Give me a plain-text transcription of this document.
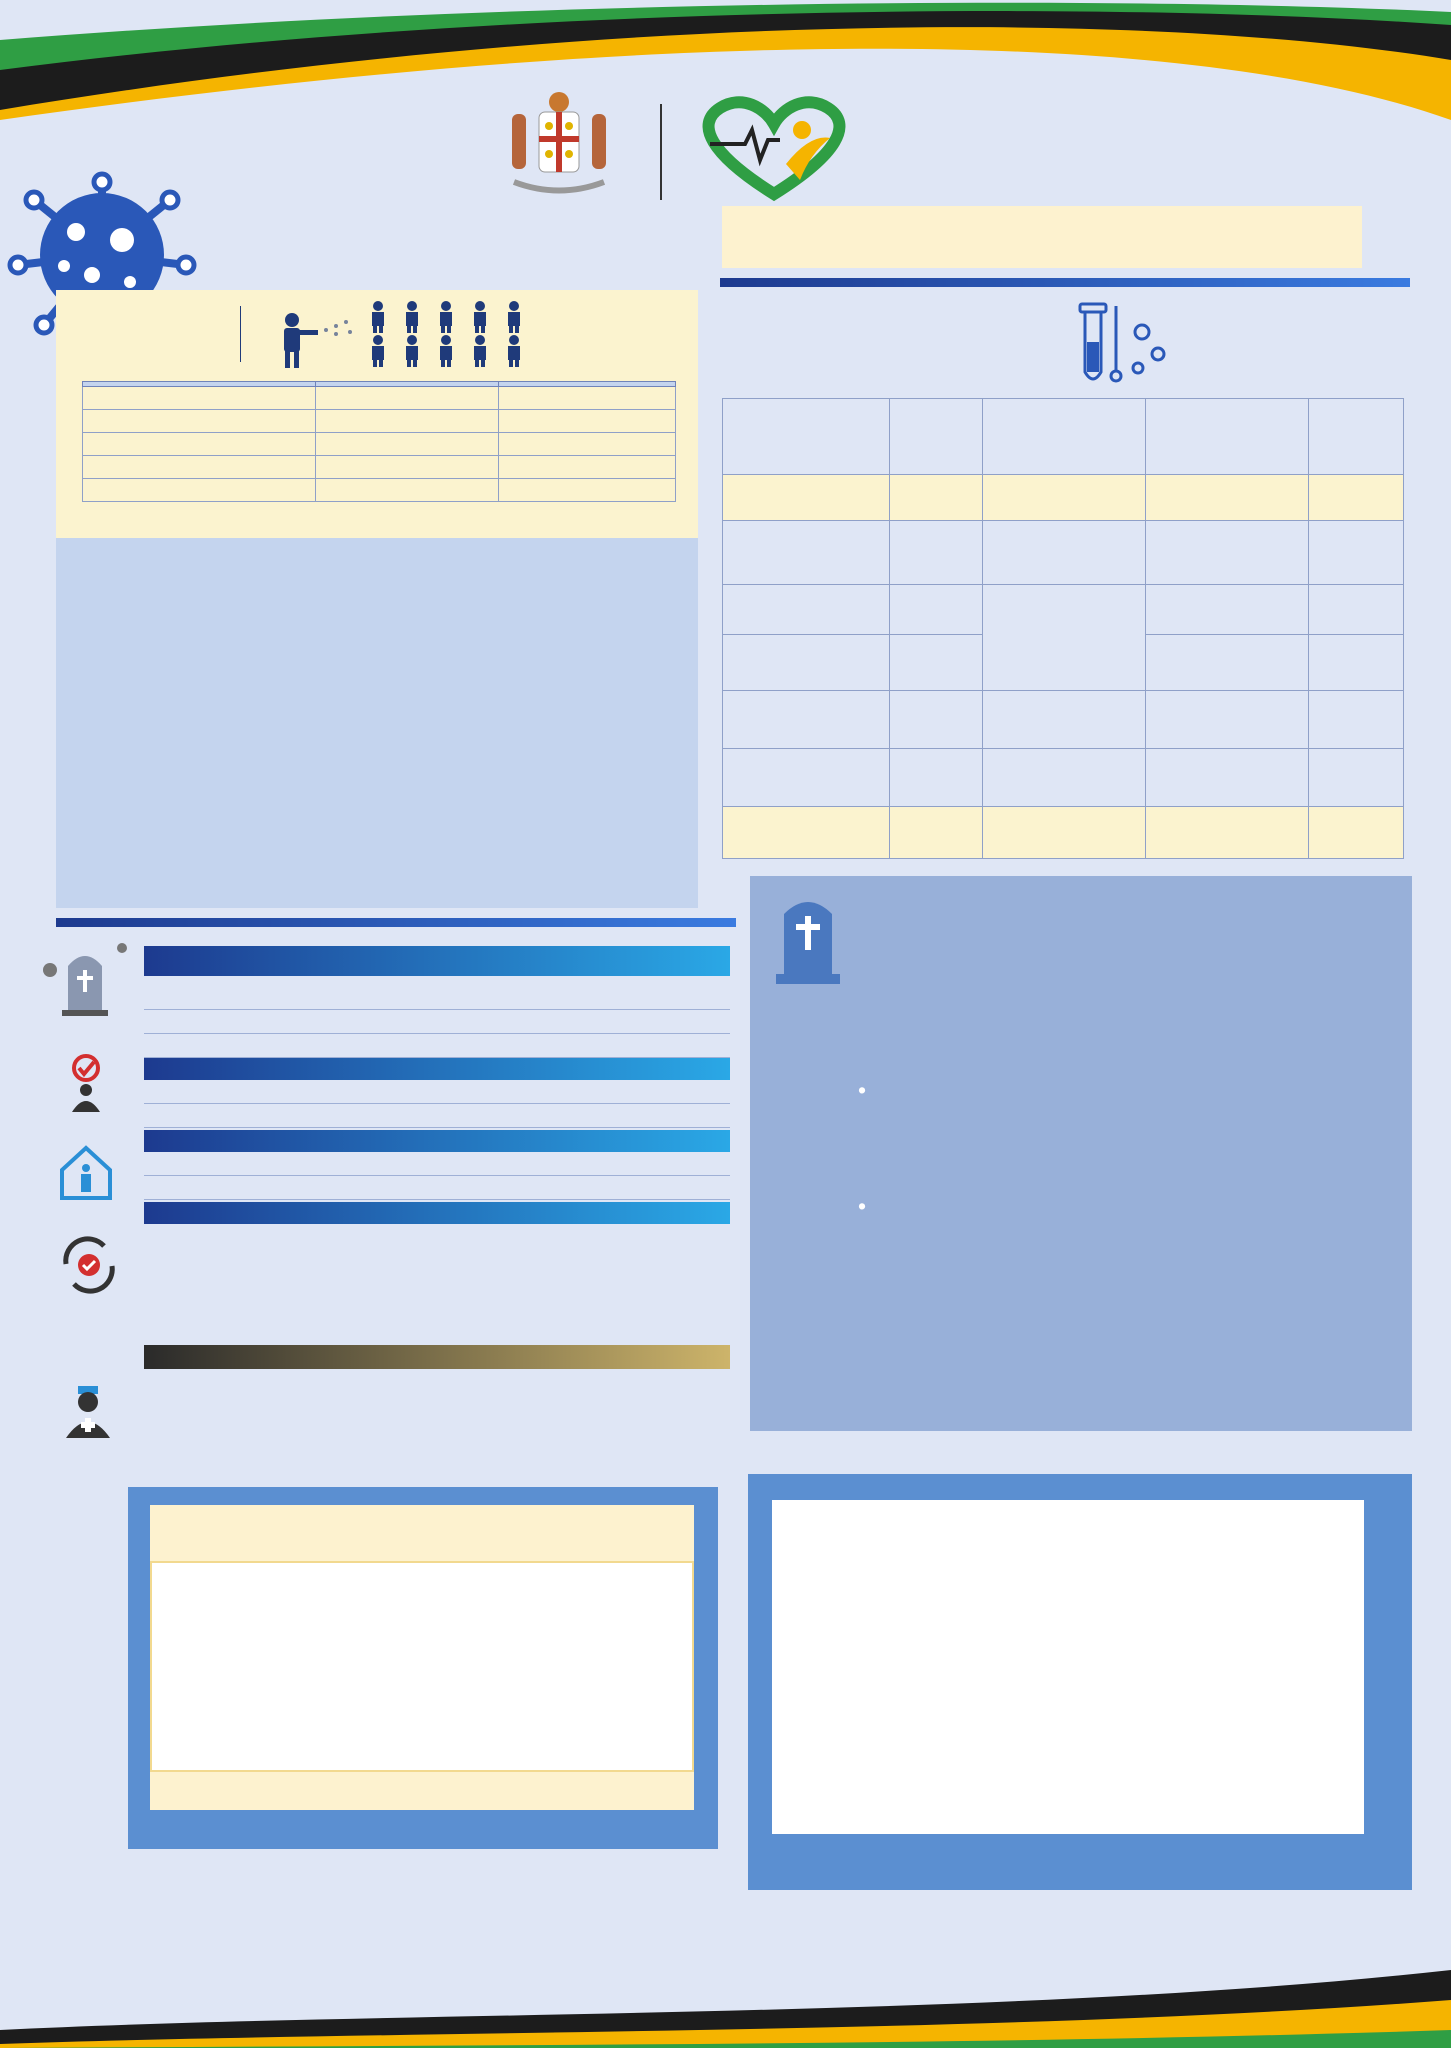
•
•
